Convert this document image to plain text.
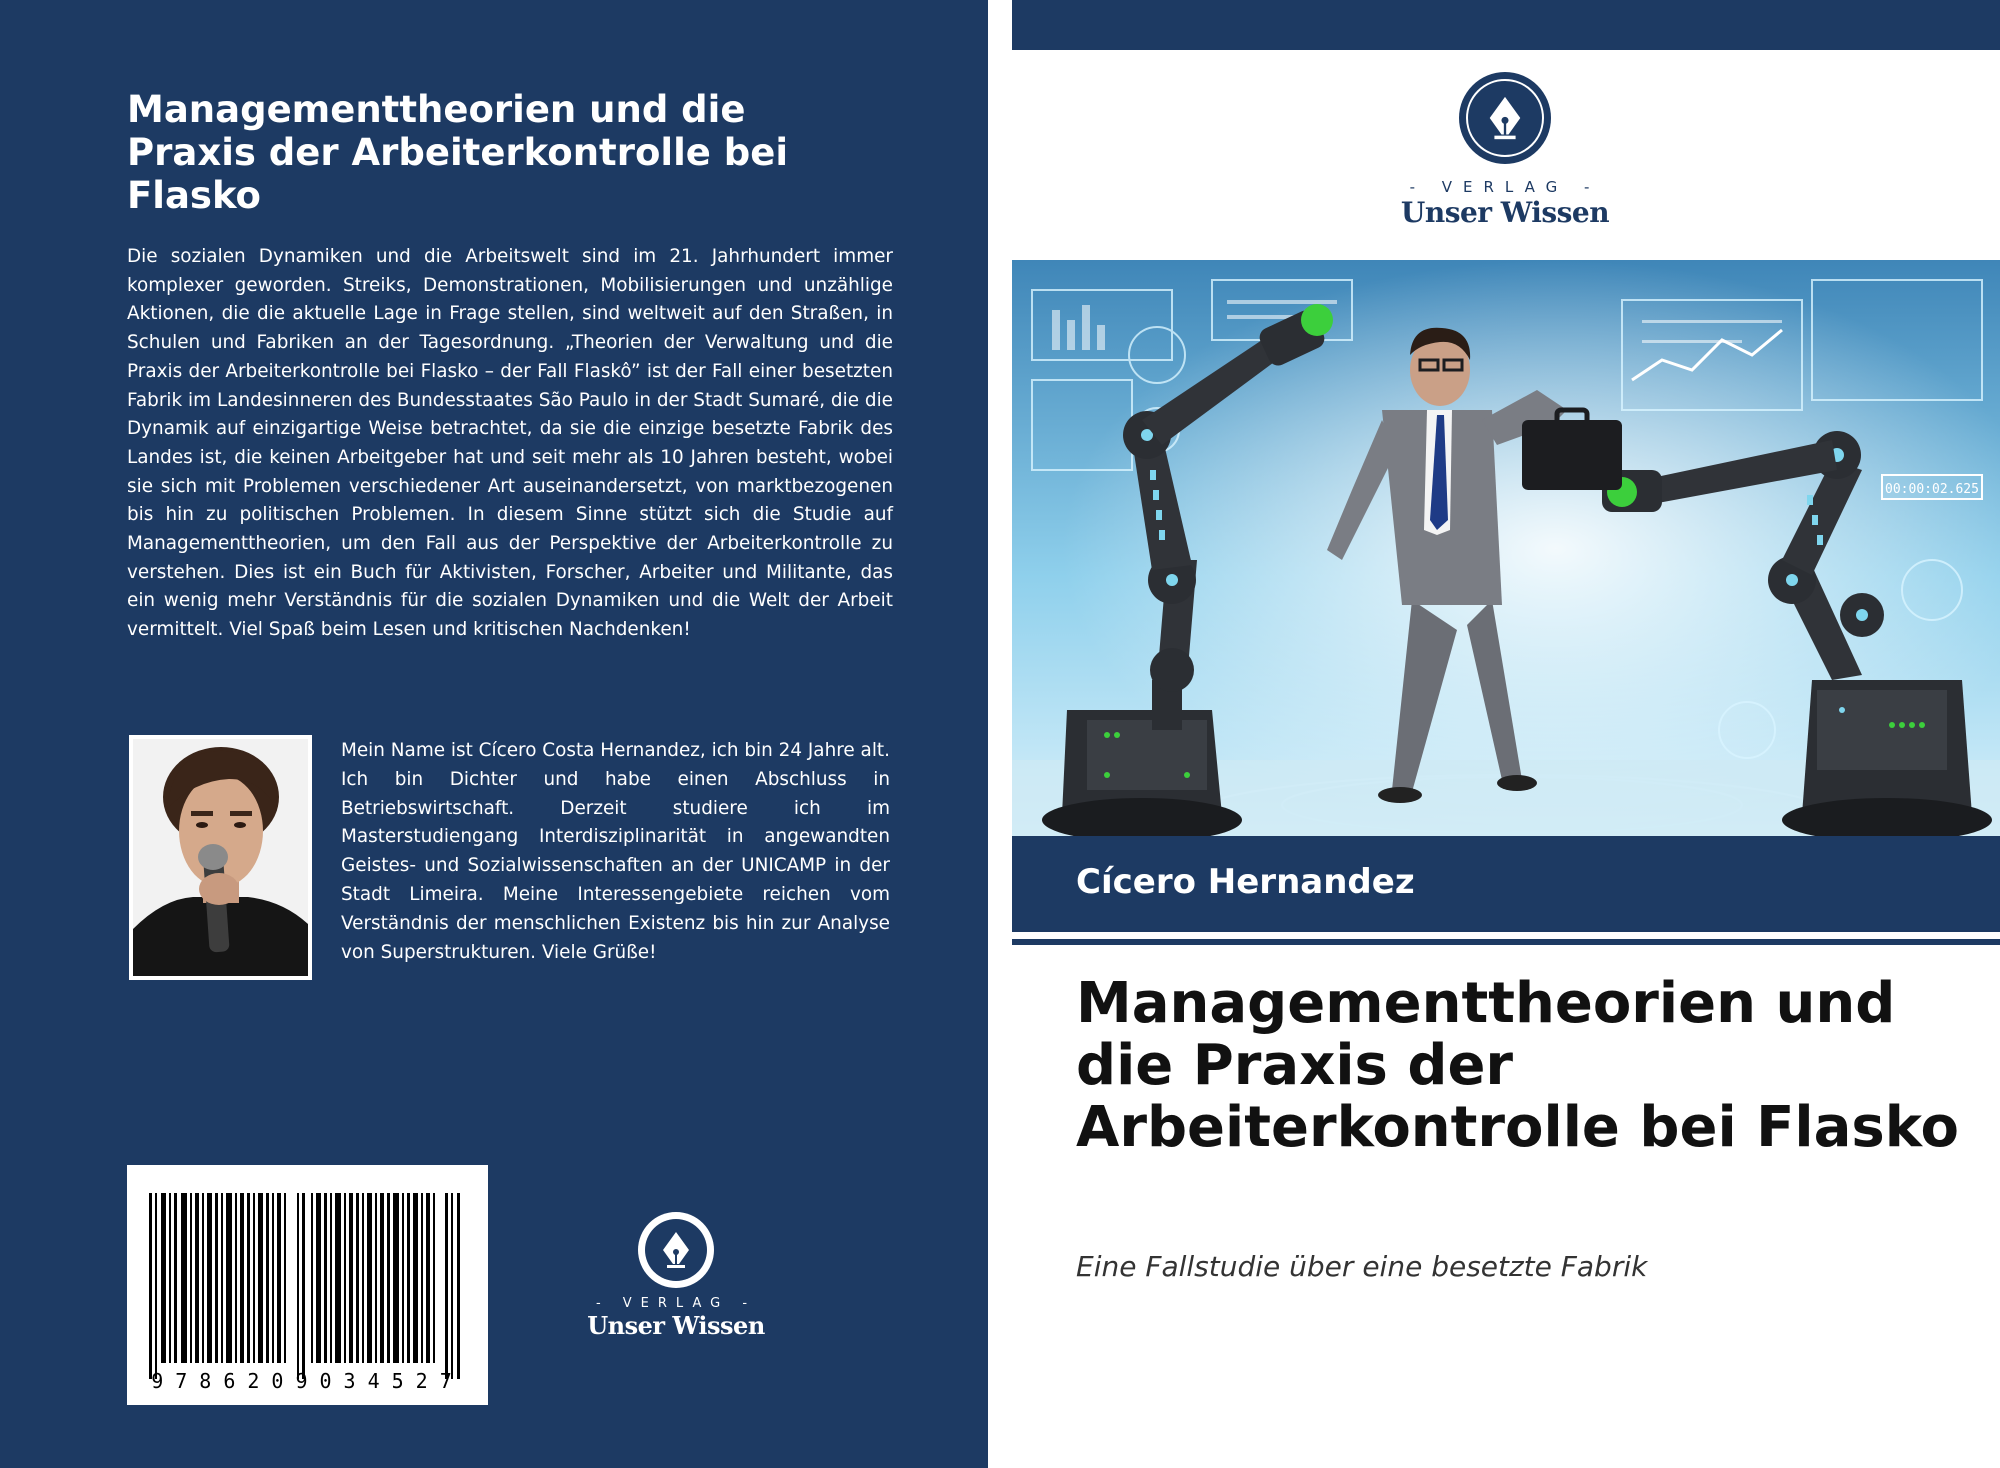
Managementtheorien und die Praxis der Arbeiterkontrolle bei Flasko
Die sozialen Dynamiken und die Arbeitswelt sind im 21. Jahrhundert immer komplexer geworden. Streiks, Demonstrationen, Mobilisierungen und unzählige Aktionen, die die aktuelle Lage in Frage stellen, sind weltweit auf den Straßen, in Schulen und Fabriken an der Tagesordnung. „Theorien der Verwaltung und die Praxis der Arbeiterkontrolle bei Flasko – der Fall Flaskô” ist der Fall einer besetzten Fabrik im Landesinneren des Bundesstaates São Paulo in der Stadt Sumaré, die die Dynamik auf einzigartige Weise betrachtet, da sie die einzige besetzte Fabrik des Landes ist, die keinen Arbeitgeber hat und seit mehr als 10 Jahren besteht, wobei sie sich mit Problemen verschiedener Art auseinandersetzt, von marktbezogenen bis hin zu politischen Problemen. In diesem Sinne stützt sich die Studie auf Managementtheorien, um den Fall aus der Perspektive der Arbeiterkontrolle zu verstehen. Dies ist ein Buch für Aktivisten, Forscher, Arbeiter und Militante, das ein wenig mehr Verständnis für die sozialen Dynamiken und die Welt der Arbeit vermittelt. Viel Spaß beim Lesen und kritischen Nachdenken!
Mein Name ist Cícero Costa Hernandez, ich bin 24 Jahre alt. Ich bin Dichter und habe einen Abschluss in Betriebswirtschaft. Derzeit studiere ich im Masterstudiengang Interdisziplinarität in angewandten Geistes- und Sozialwissenschaften an der UNICAMP in der Stadt Limeira. Meine Interessengebiete reichen vom Verständnis der menschlichen Existenz bis hin zur Analyse von Superstrukturen. Viele Grüße!
9786209034527
- VERLAG -
Unser Wissen
- VERLAG -
Unser Wissen
00:00:02.625
Cícero Hernandez
Managementtheorien und die Praxis der Arbeiterkontrolle bei Flasko
Eine Fallstudie über eine besetzte Fabrik
